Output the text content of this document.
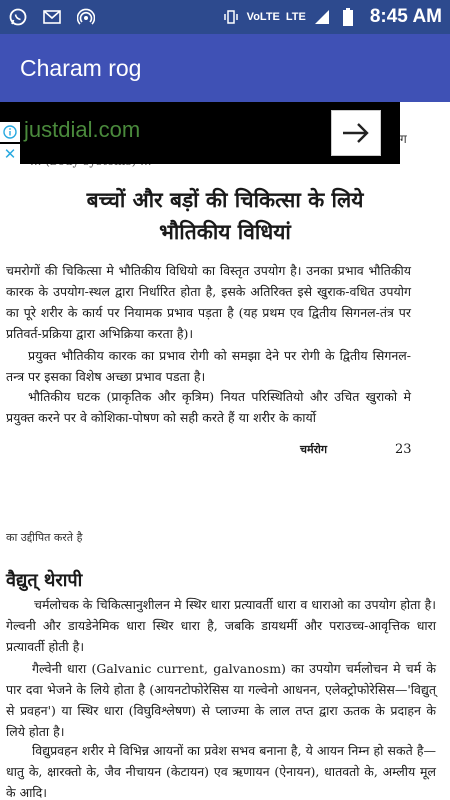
VoLTE LTE	8:45 AM
Charam rog
ग
बच्चों और बड़ों की चिकित्सा के लिये
भौतिकीय विधियां
चमरोगों की चिकित्सा मे भौतिकीय विधियो का विस्तृत उपयोग है। उनका प्रभाव भौतिकीय कारक के उपयोग-स्थल द्वारा निर्धारित होता है, इसके अतिरिक्त इसे खुराक-वधित उपयोग का पूरे शरीर के कार्य पर नियामक प्रभाव पड़ता है (यह प्रथम एव द्वितीय सिगनल-तंत्र पर प्रतिवर्त-प्रक्रिया द्वारा अभिक्रिया करता है)।
प्रयुक्त भौतिकीय कारक का प्रभाव रोगी को समझा देने पर रोगी के द्वितीय सिगनल-तन्त्र पर इसका विशेष अच्छा प्रभाव पडता है।
भौतिकीय घटक (प्राकृतिक और कृत्रिम) नियत परिस्थितियो और उचित खुराको मे प्रयुक्त करने पर वे कोशिका-पोषण को सही करते हैं या शरीर के कार्यो
चर्मरोग	23
का उद्दीपित करते है
वैद्युत् थेरापी
चर्मलोचक के चिकित्सानुशीलन मे स्थिर धारा प्रत्यावर्ती धारा व धाराओ का उपयोग होता है। गेल्वनी और डायडेनेमिक धारा स्थिर धारा है, जबकि डायथर्मी और पराउच्च-आवृत्तिक धारा प्रत्यावर्ती होती है।
गैल्वेनी धारा (Galvanic current, galvanosm) का उपयोग चर्मलोचन मे चर्म के पार दवा भेजने के लिये होता है (आयनटोफोरेसिस या गल्वेनो आधनन, एलेक्ट्रोफोरेसिस—'विद्युत् से प्रवहन') या स्थिर धारा (विघुविश्लेषण) से प्लाज्मा के लाल तप्त द्वारा ऊतक के प्रदाहन के लिये होता है।
विद्युप्रवहन शरीर मे विभिन्न आयनों का प्रवेश सभव बनाना है, ये आयन निम्न हो सकते है—धातु के, क्षारक्तो के, जैव नीचायन (केटायन) एव ऋणायन (ऐनायन), धातवतो के, अम्लीय मूल के आदि।
✕
justdial.com
